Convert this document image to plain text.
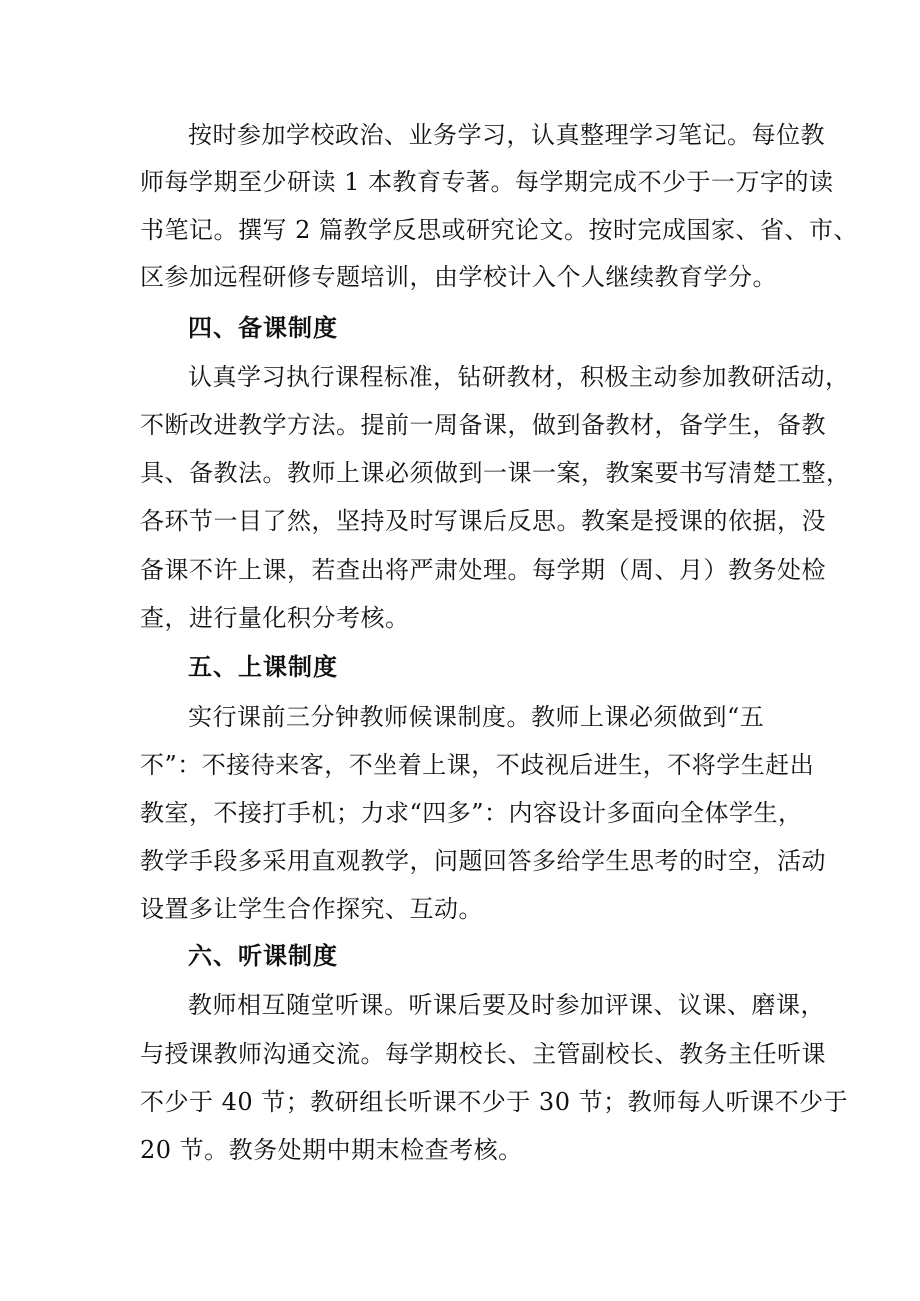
按时参加学校政治、业务学习，认真整理学习笔记。每位教
师每学期至少研读 1 本教育专著。每学期完成不少于一万字的读
书笔记。撰写 2 篇教学反思或研究论文。按时完成国家、省、市、
区参加远程研修专题培训，由学校计入个人继续教育学分。
四、备课制度
认真学习执行课程标准，钻研教材，积极主动参加教研活动，
不断改进教学方法。提前一周备课，做到备教材，备学生，备教
具、备教法。教师上课必须做到一课一案，教案要书写清楚工整，
各环节一目了然，坚持及时写课后反思。教案是授课的依据，没
备课不许上课，若查出将严肃处理。每学期（周、月）教务处检
查，进行量化积分考核。
五、上课制度
实行课前三分钟教师候课制度。教师上课必须做到“五
不”：不接待来客，不坐着上课，不歧视后进生，不将学生赶出
教室，不接打手机；力求“四多”：内容设计多面向全体学生，
教学手段多采用直观教学，问题回答多给学生思考的时空，活动
设置多让学生合作探究、互动。
六、听课制度
教师相互随堂听课。听课后要及时参加评课、议课、磨课，
与授课教师沟通交流。每学期校长、主管副校长、教务主任听课
不少于 40 节；教研组长听课不少于 30 节；教师每人听课不少于
20 节。教务处期中期末检查考核。
